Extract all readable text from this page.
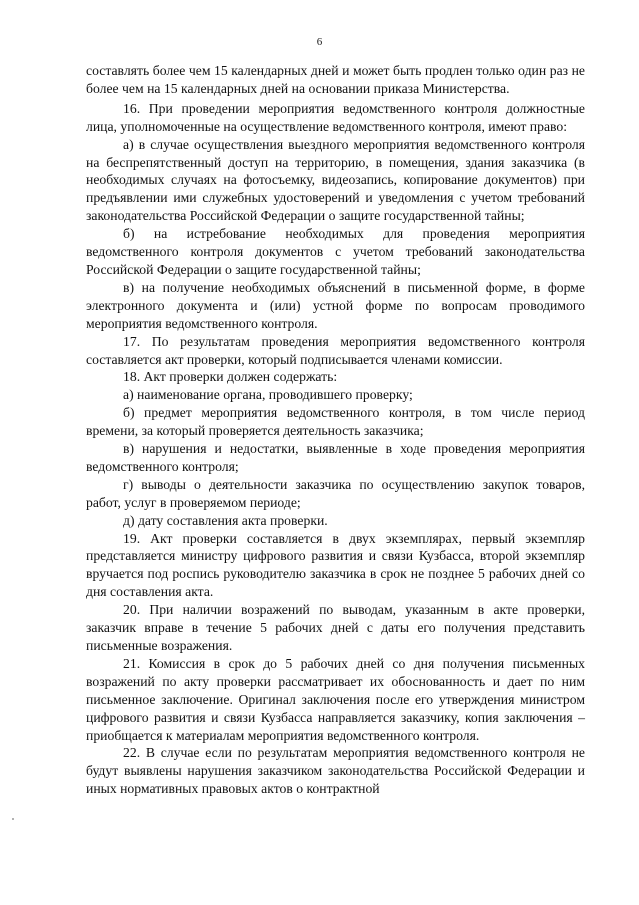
6

составлять более чем 15 календарных дней и может быть продлен только один раз не более чем на 15 календарных дней на основании приказа Министерства.

16. При проведении мероприятия ведомственного контроля должностные лица, уполномоченные на осуществление ведомственного контроля, имеют право:

а) в случае осуществления выездного мероприятия ведомственного контроля на беспрепятственный доступ на территорию, в помещения, здания заказчика (в необходимых случаях на фотосъемку, видеозапись, копирование документов) при предъявлении ими служебных удостоверений и уведомления с учетом требований законодательства Российской Федерации о защите государственной тайны;

б) на истребование необходимых для проведения мероприятия ведомственного контроля документов с учетом требований законодательства Российской Федерации о защите государственной тайны;

в) на получение необходимых объяснений в письменной форме, в форме электронного документа и (или) устной форме по вопросам проводимого мероприятия ведомственного контроля.

17. По результатам проведения мероприятия ведомственного контроля составляется акт проверки, который подписывается членами комиссии.

18. Акт проверки должен содержать:

а) наименование органа, проводившего проверку;

б) предмет мероприятия ведомственного контроля, в том числе период времени, за который проверяется деятельность заказчика;

в) нарушения и недостатки, выявленные в ходе проведения мероприятия ведомственного контроля;

г) выводы о деятельности заказчика по осуществлению закупок товаров, работ, услуг в проверяемом периоде;

д) дату составления акта проверки.

19. Акт проверки составляется в двух экземплярах, первый экземпляр представляется министру цифрового развития и связи Кузбасса, второй экземпляр вручается под роспись руководителю заказчика в срок не позднее 5 рабочих дней со дня составления акта.

20. При наличии возражений по выводам, указанным в акте проверки, заказчик вправе в течение 5 рабочих дней с даты его получения представить письменные возражения.

21. Комиссия в срок до 5 рабочих дней со дня получения письменных возражений по акту проверки рассматривает их обоснованность и дает по ним письменное заключение. Оригинал заключения после его утверждения министром цифрового развития и связи Кузбасса направляется заказчику, копия заключения – приобщается к материалам мероприятия ведомственного контроля.

22. В случае если по результатам мероприятия ведомственного контроля не будут выявлены нарушения заказчиком законодательства Российской Федерации и иных нормативных правовых актов о контрактной
